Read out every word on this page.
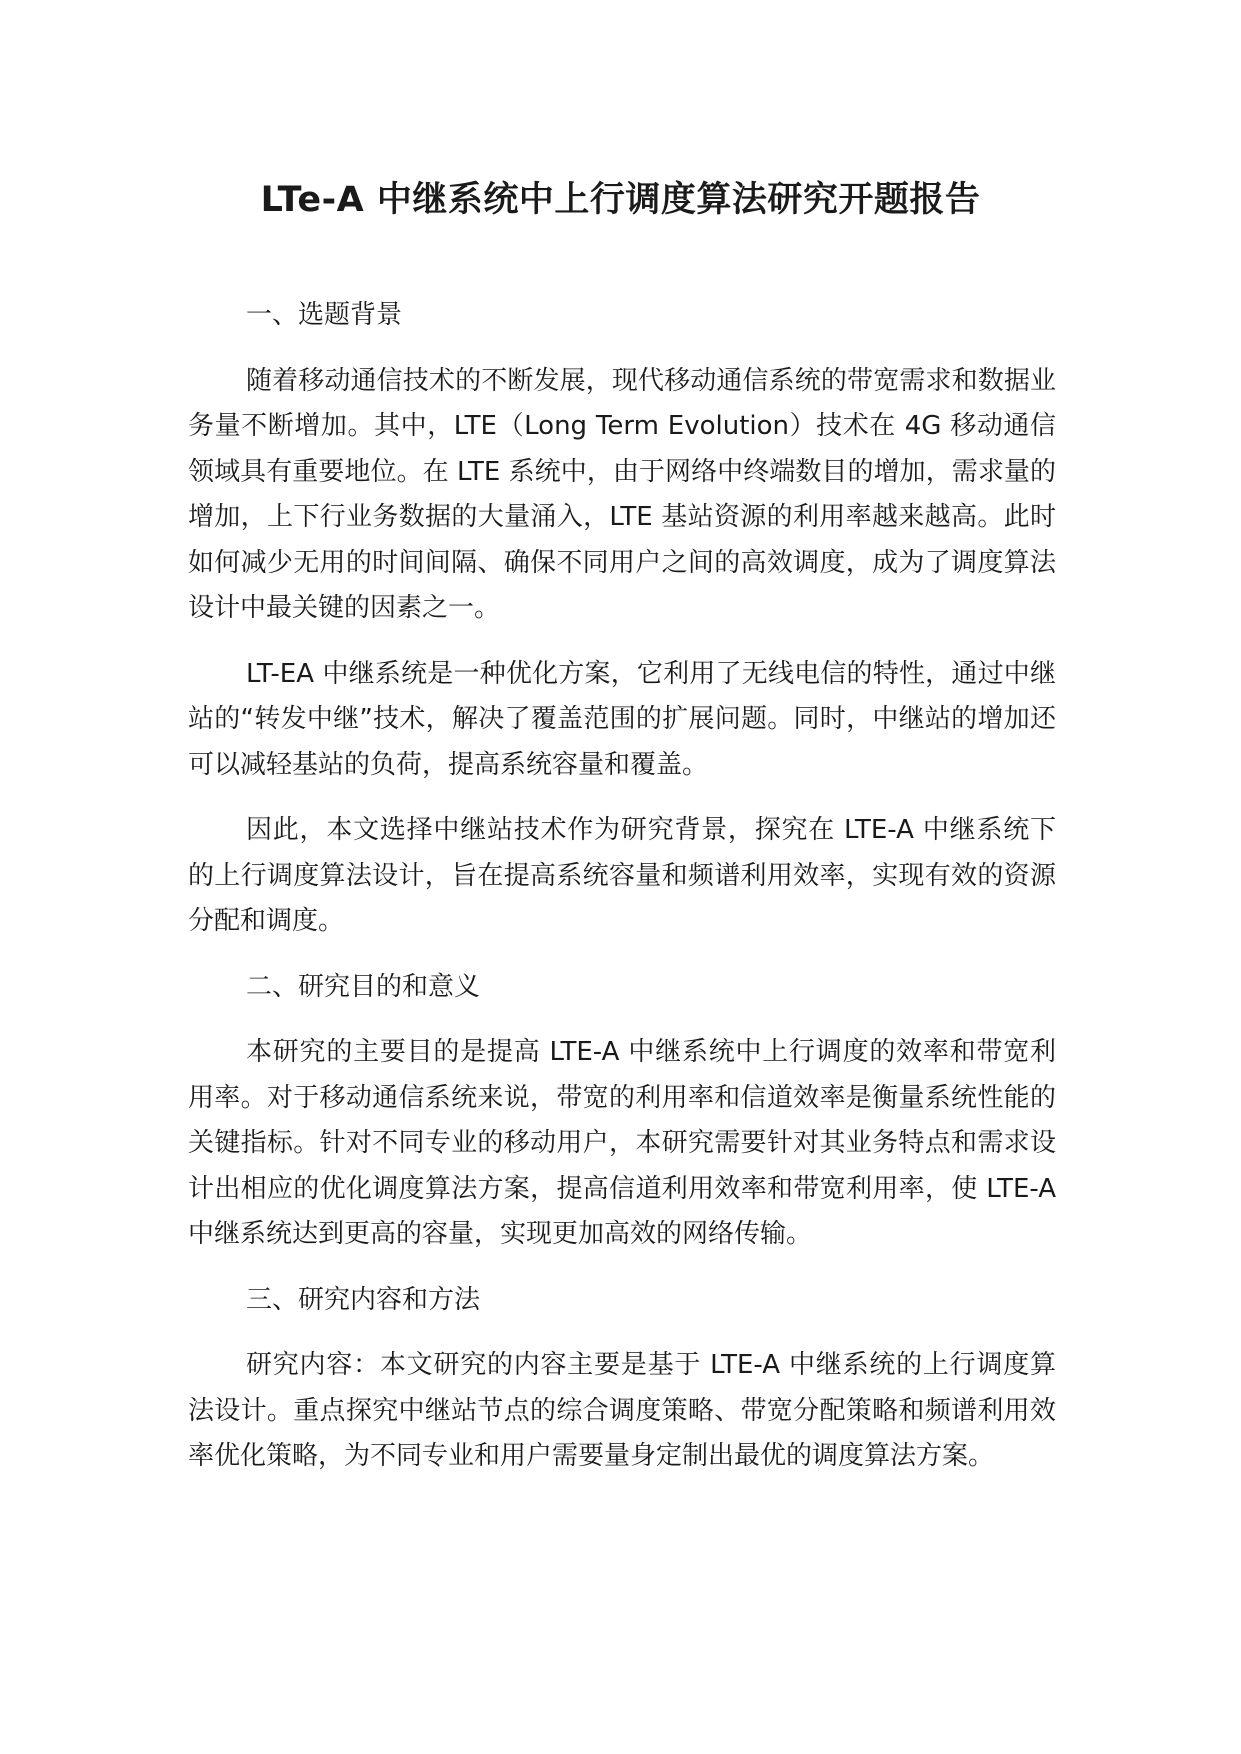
LTe-A 中继系统中上行调度算法研究开题报告

一、选题背景

随着移动通信技术的不断发展，现代移动通信系统的带宽需求和数据业务量不断增加。其中，LTE（Long Term Evolution）技术在 4G 移动通信领域具有重要地位。在 LTE 系统中，由于网络中终端数目的增加，需求量的增加，上下行业务数据的大量涌入，LTE 基站资源的利用率越来越高。此时如何减少无用的时间间隔、确保不同用户之间的高效调度，成为了调度算法设计中最关键的因素之一。

LT-EA 中继系统是一种优化方案，它利用了无线电信的特性，通过中继站的“转发中继”技术，解决了覆盖范围的扩展问题。同时，中继站的增加还可以减轻基站的负荷，提高系统容量和覆盖。

因此，本文选择中继站技术作为研究背景，探究在 LTE-A 中继系统下的上行调度算法设计，旨在提高系统容量和频谱利用效率，实现有效的资源分配和调度。

二、研究目的和意义

本研究的主要目的是提高 LTE-A 中继系统中上行调度的效率和带宽利用率。对于移动通信系统来说，带宽的利用率和信道效率是衡量系统性能的关键指标。针对不同专业的移动用户，本研究需要针对其业务特点和需求设计出相应的优化调度算法方案，提高信道利用效率和带宽利用率，使 LTE-A 中继系统达到更高的容量，实现更加高效的网络传输。

三、研究内容和方法

研究内容：本文研究的内容主要是基于 LTE-A 中继系统的上行调度算法设计。重点探究中继站节点的综合调度策略、带宽分配策略和频谱利用效率优化策略，为不同专业和用户需要量身定制出最优的调度算法方案。
